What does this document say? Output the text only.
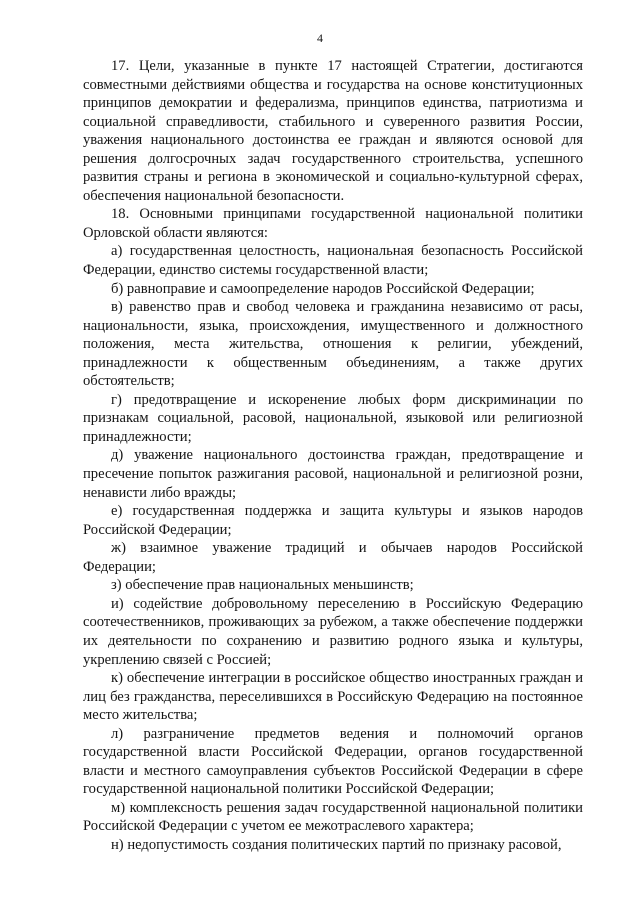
4

17. Цели, указанные в пункте 17 настоящей Стратегии, достигаются совместными действиями общества и государства на основе конституционных принципов демократии и федерализма, принципов единства, патриотизма и социальной справедливости, стабильного и суверенного развития России, уважения национального достоинства ее граждан и являются основой для решения долгосрочных задач государственного строительства, успешного развития страны и региона в экономической и социально-культурной сферах, обеспечения национальной безопасности.

18. Основными принципами государственной национальной политики Орловской области являются:

а) государственная целостность, национальная безопасность Российской Федерации, единство системы государственной власти;

б) равноправие и самоопределение народов Российской Федерации;

в) равенство прав и свобод человека и гражданина независимо от расы, национальности, языка, происхождения, имущественного и должностного положения, места жительства, отношения к религии, убеждений, принадлежности к общественным объединениям, а также других обстоятельств;

г) предотвращение и искоренение любых форм дискриминации по признакам социальной, расовой, национальной, языковой или религиозной принадлежности;

д) уважение национального достоинства граждан, предотвращение и пресечение попыток разжигания расовой, национальной и религиозной розни, ненависти либо вражды;

е) государственная поддержка и защита культуры и языков народов Российской Федерации;

ж) взаимное уважение традиций и обычаев народов Российской Федерации;

з) обеспечение прав национальных меньшинств;

и) содействие добровольному переселению в Российскую Федерацию соотечественников, проживающих за рубежом, а также обеспечение поддержки их деятельности по сохранению и развитию родного языка и культуры, укреплению связей с Россией;

к) обеспечение интеграции в российское общество иностранных граждан и лиц без гражданства, переселившихся в Российскую Федерацию на постоянное место жительства;

л) разграничение предметов ведения и полномочий органов государственной власти Российской Федерации, органов государственной власти и местного самоуправления субъектов Российской Федерации в сфере государственной национальной политики Российской Федерации;

м) комплексность решения задач государственной национальной политики Российской Федерации с учетом ее межотраслевого характера;

н) недопустимость создания политических партий по признаку расовой,
